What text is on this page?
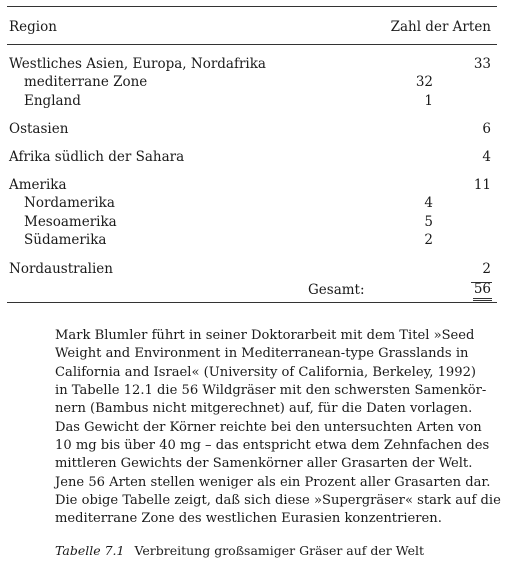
Region	Zahl der Arten
Westliches Asien, Europa, Nordafrika	33
mediterrane Zone	32
England	1
Ostasien	6
Afrika südlich der Sahara	4
Amerika	11
Nordamerika	4
Mesoamerika	5
Südamerika	2
Nordaustralien	2
Gesamt:	56

Mark Blumler führt in seiner Doktorarbeit mit dem Titel »Seed
Weight and Environment in Mediterranean-type Grasslands in
California and Israel« (University of California, Berkeley, 1992)
in Tabelle 12.1 die 56 Wildgräser mit den schwersten Samenkör-
nern (Bambus nicht mitgerechnet) auf, für die Daten vorlagen.
Das Gewicht der Körner reichte bei den untersuchten Arten von
10 mg bis über 40 mg – das entspricht etwa dem Zehnfachen des
mittleren Gewichts der Samenkörner aller Grasarten der Welt.
Jene 56 Arten stellen weniger als ein Prozent aller Grasarten dar.
Die obige Tabelle zeigt, daß sich diese »Supergräser« stark auf die
mediterrane Zone des westlichen Eurasien konzentrieren.

Tabelle 7.1 Verbreitung großsamiger Gräser auf der Welt
